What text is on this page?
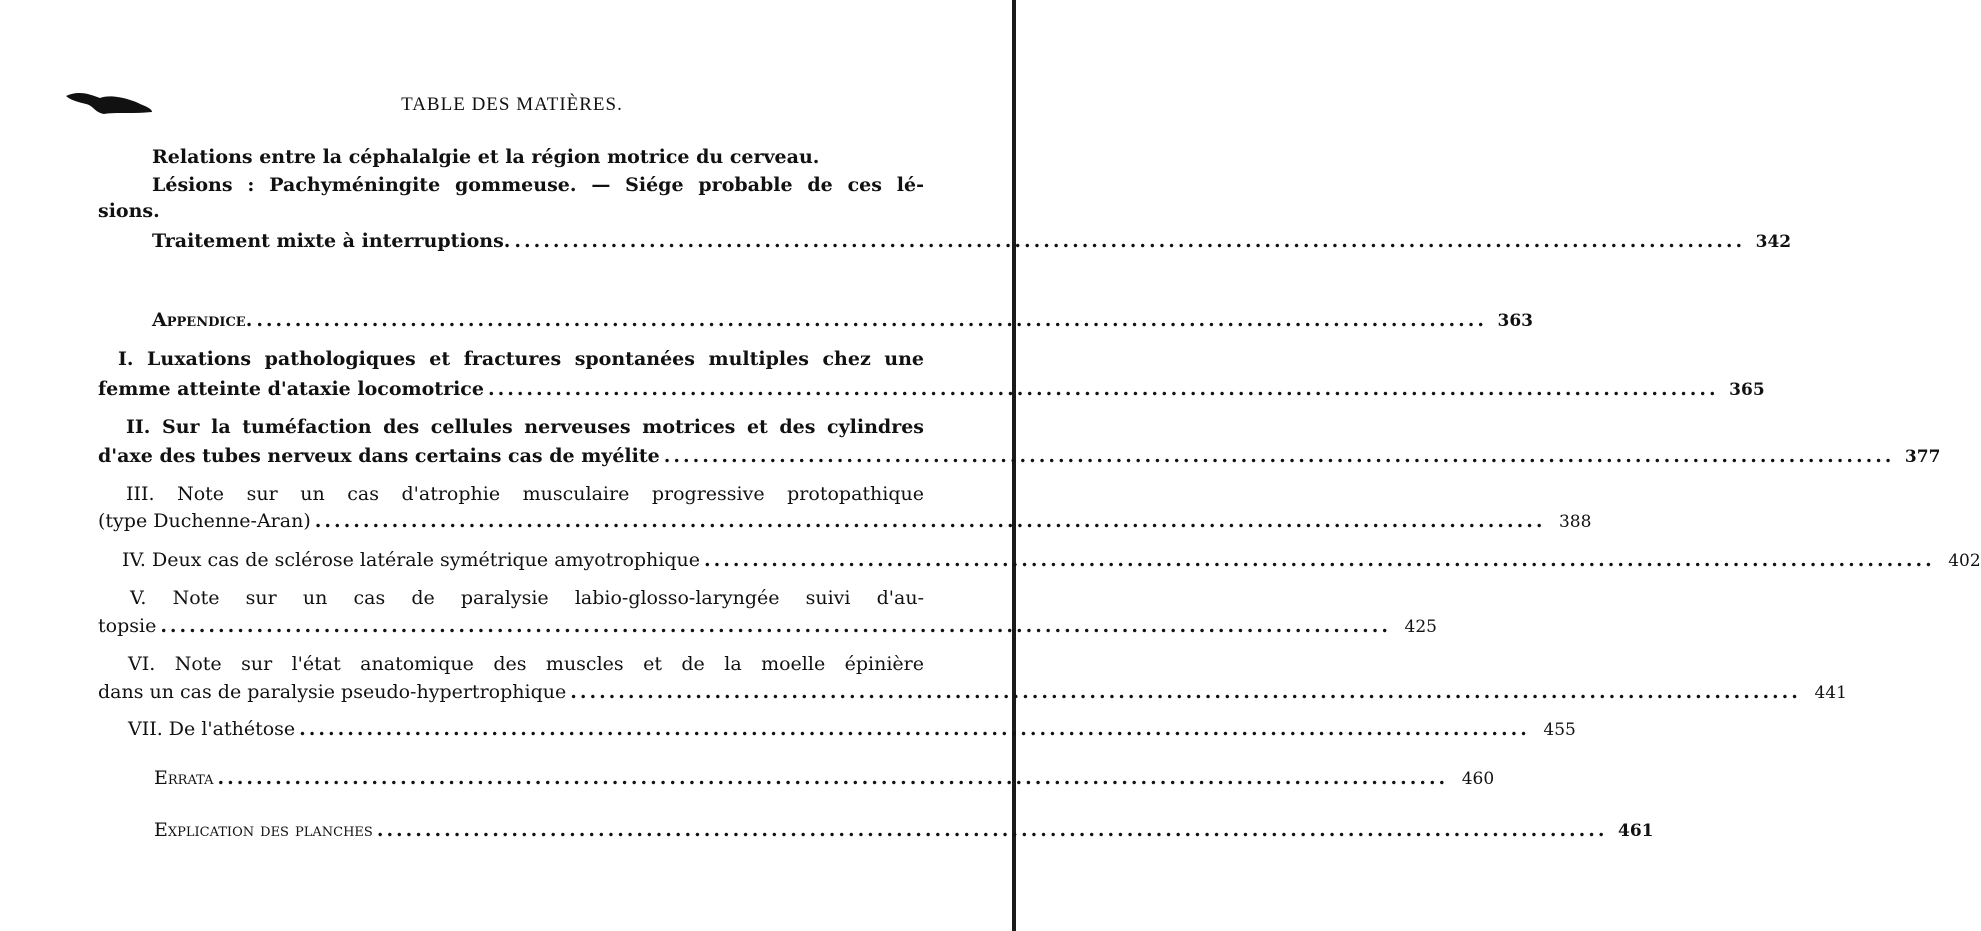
TABLE DES MATIÈRES.
Relations entre la céphalalgie et la région motrice du cerveau.
Lésions : Pachyméningite gommeuse. — Siége probable de ces lé-
sions.
Traitement mixte à interruptions. ................................................................................................................................ 342
Appendice. ................................................................................................................................ 363
I. Luxations pathologiques et fractures spontanées multiples chez une
femme atteinte d'ataxie locomotrice ................................................................................................................................ 365
II. Sur la tuméfaction des cellules nerveuses motrices et des cylindres
d'axe des tubes nerveux dans certains cas de myélite ................................................................................................................................ 377
III. Note sur un cas d'atrophie musculaire progressive protopathique
(type Duchenne-Aran) ................................................................................................................................ 388
IV. Deux cas de sclérose latérale symétrique amyotrophique ................................................................................................................................ 402
V. Note sur un cas de paralysie labio-glosso-laryngée suivi d'au-
topsie ................................................................................................................................ 425
VI. Note sur l'état anatomique des muscles et de la moelle épinière
dans un cas de paralysie pseudo-hypertrophique ................................................................................................................................ 441
VII. De l'athétose ................................................................................................................................ 455
Errata ................................................................................................................................ 460
Explication des planches ................................................................................................................................ 461
